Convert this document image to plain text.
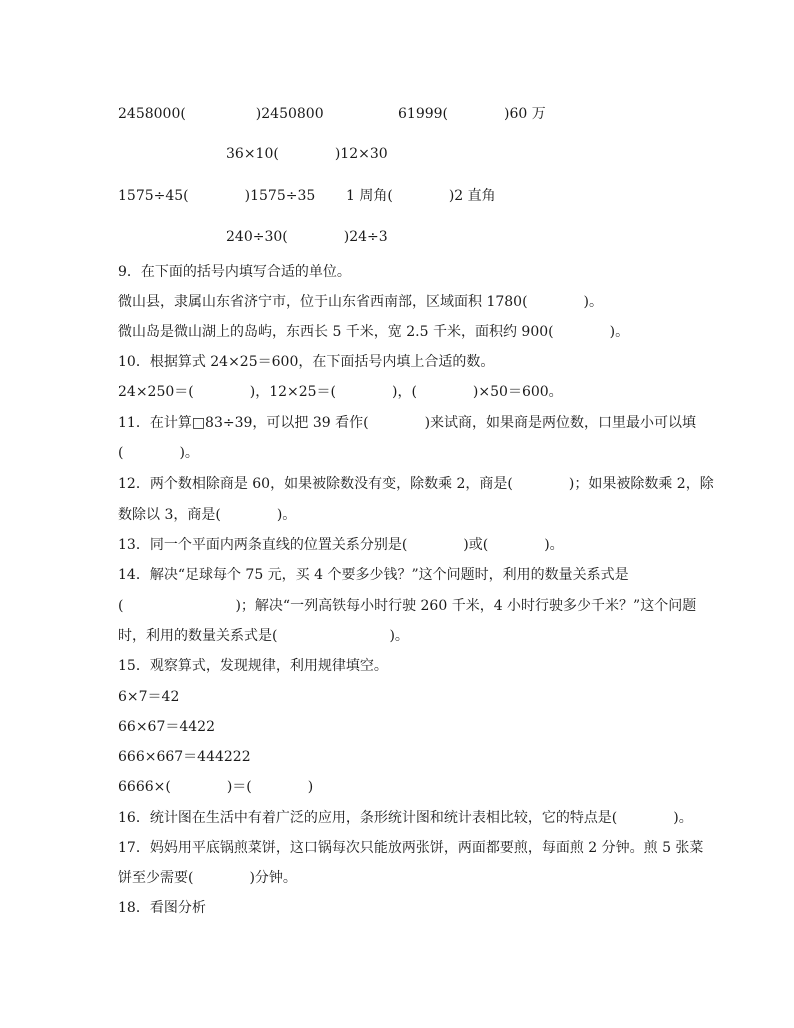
2458000(　　　　　)2450800	61999(　　　　)60 万
36×10(　　　　)12×30
1575÷45(　　　　)1575÷35 1 周角(　　　　)2 直角
240÷30(　　　　)24÷3
9．在下面的括号内填写合适的单位。
微山县，隶属山东省济宁市，位于山东省西南部，区域面积 1780(　　　　)。
微山岛是微山湖上的岛屿，东西长 5 千米，宽 2.5 千米，面积约 900(　　　　)。
10．根据算式 24×25＝600，在下面括号内填上合适的数。
24×250＝(　　　　)，12×25＝(　　　　)，(　　　　)×50＝600。
11．在计算□83÷39，可以把 39 看作(　　　　)来试商，如果商是两位数，口里最小可以填
(　　　　)。
12．两个数相除商是 60，如果被除数没有变，除数乘 2，商是(　　　　)；如果被除数乘 2，除
数除以 3，商是(　　　　)。
13．同一个平面内两条直线的位置关系分别是(　　　　)或(　　　　)。
14．解决“足球每个 75 元，买 4 个要多少钱？”这个问题时，利用的数量关系式是
(　　　　　　　　)；解决“一列高铁每小时行驶 260 千米，4 小时行驶多少千米？”这个问题
时，利用的数量关系式是(　　　　　　　　)。
15．观察算式，发现规律，利用规律填空。
6×7＝42
66×67＝4422
666×667＝444222
6666×(　　　　)＝(　　　　)
16．统计图在生活中有着广泛的应用，条形统计图和统计表相比较，它的特点是(　　　　)。
17．妈妈用平底锅煎菜饼，这口锅每次只能放两张饼，两面都要煎，每面煎 2 分钟。煎 5 张菜
饼至少需要(　　　　)分钟。
18．看图分析
